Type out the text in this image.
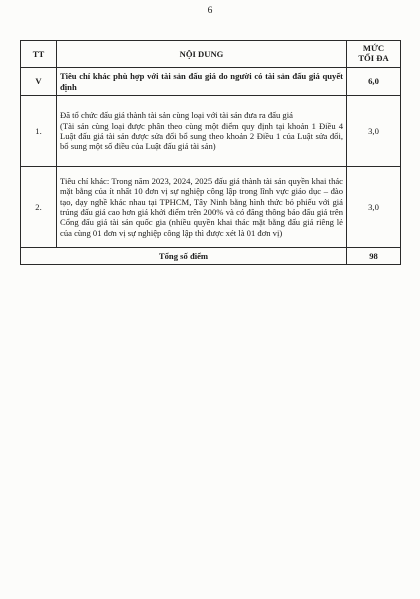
6
TT	NỘI DUNG	MỨC
TỐI ĐA

V	Tiêu chí khác phù hợp với tài sản đấu giá do người có tài sản đấu giá quyết định	6,0
1.	Đã tổ chức đấu giá thành tài sản cùng loại với tài sản đưa ra đấu giá
(Tài sản cùng loại được phân theo cùng một điểm quy định tại khoản 1 Điều 4 Luật đấu giá tài sản được sửa đổi bổ sung theo khoản 2 Điều 1 của Luật sửa đổi, bổ sung một số điều của Luật đấu giá tài sản)	3,0
2.	Tiêu chí khác: Trong năm 2023, 2024, 2025 đấu giá thành tài sản quyền khai thác mặt bằng của ít nhất 10 đơn vị sự nghiệp công lập trong lĩnh vực giáo dục – đào tạo, dạy nghề khác nhau tại TPHCM, Tây Ninh bằng hình thức bỏ phiếu với giá trúng đấu giá cao hơn giá khởi điểm trên 200% và có đăng thông báo đấu giá trên Cổng đấu giá tài sản quốc gia (nhiều quyền khai thác mặt bằng đấu giá riêng lẻ của cùng 01 đơn vị sự nghiệp công lập thì được xét là 01 đơn vị)	3,0
Tổng số điểm		98
